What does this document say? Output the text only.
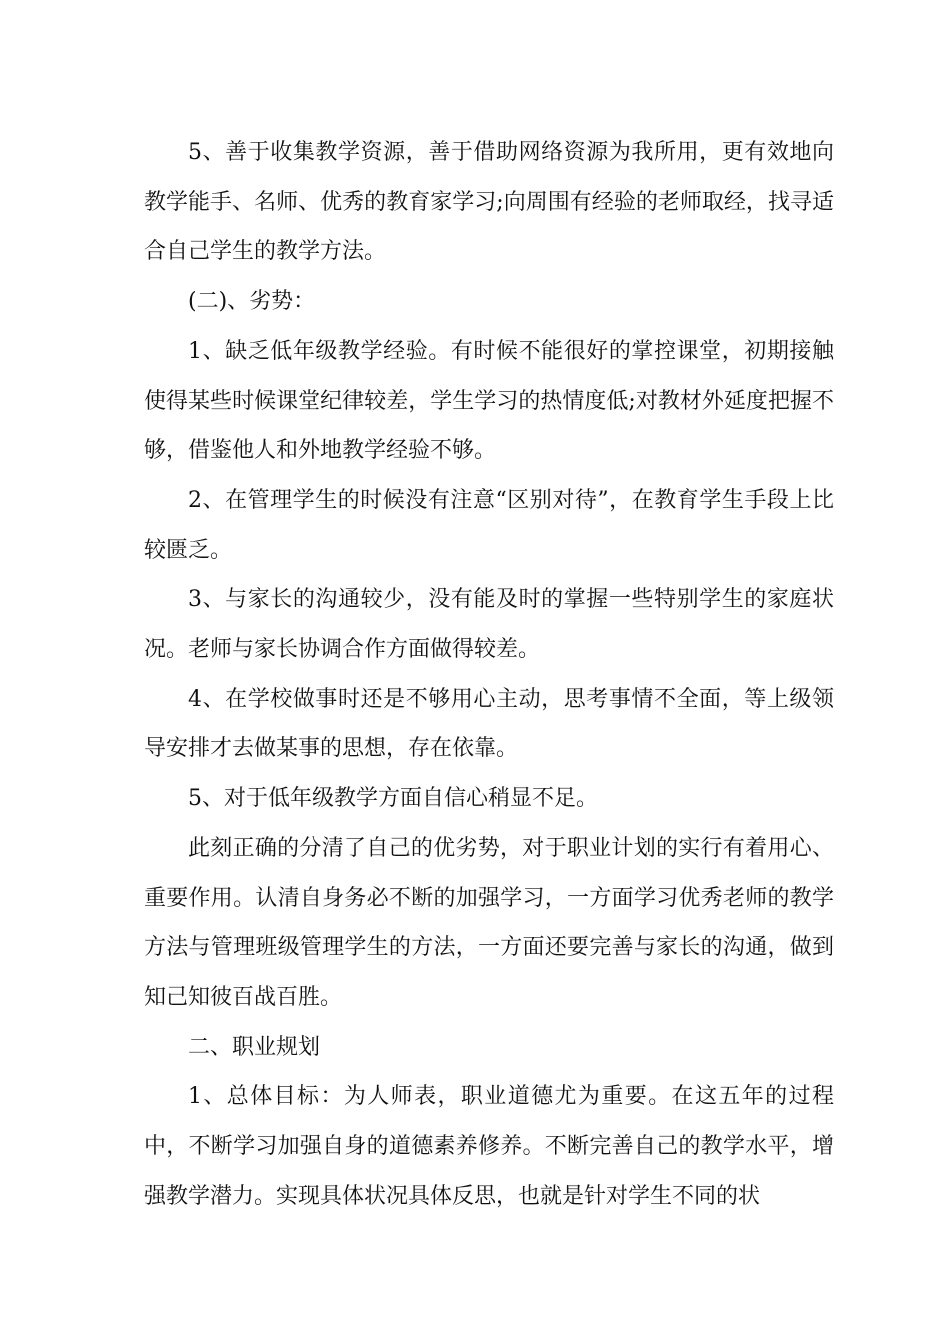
5、善于收集教学资源，善于借助网络资源为我所用，更有效地向教学能手、名师、优秀的教育家学习;向周围有经验的老师取经，找寻适合自己学生的教学方法。

(二)、劣势：

1、缺乏低年级教学经验。有时候不能很好的掌控课堂，初期接触使得某些时候课堂纪律较差，学生学习的热情度低;对教材外延度把握不够，借鉴他人和外地教学经验不够。

2、在管理学生的时候没有注意“区别对待”，在教育学生手段上比较匮乏。

3、与家长的沟通较少，没有能及时的掌握一些特别学生的家庭状况。老师与家长协调合作方面做得较差。

4、在学校做事时还是不够用心主动，思考事情不全面，等上级领导安排才去做某事的思想，存在依靠。

5、对于低年级教学方面自信心稍显不足。

此刻正确的分清了自己的优劣势，对于职业计划的实行有着用心、重要作用。认清自身务必不断的加强学习，一方面学习优秀老师的教学方法与管理班级管理学生的方法，一方面还要完善与家长的沟通，做到知己知彼百战百胜。

二、职业规划

1、总体目标：为人师表，职业道德尤为重要。在这五年的过程中，不断学习加强自身的道德素养修养。不断完善自己的教学水平，增强教学潜力。实现具体状况具体反思，也就是针对学生不同的状
